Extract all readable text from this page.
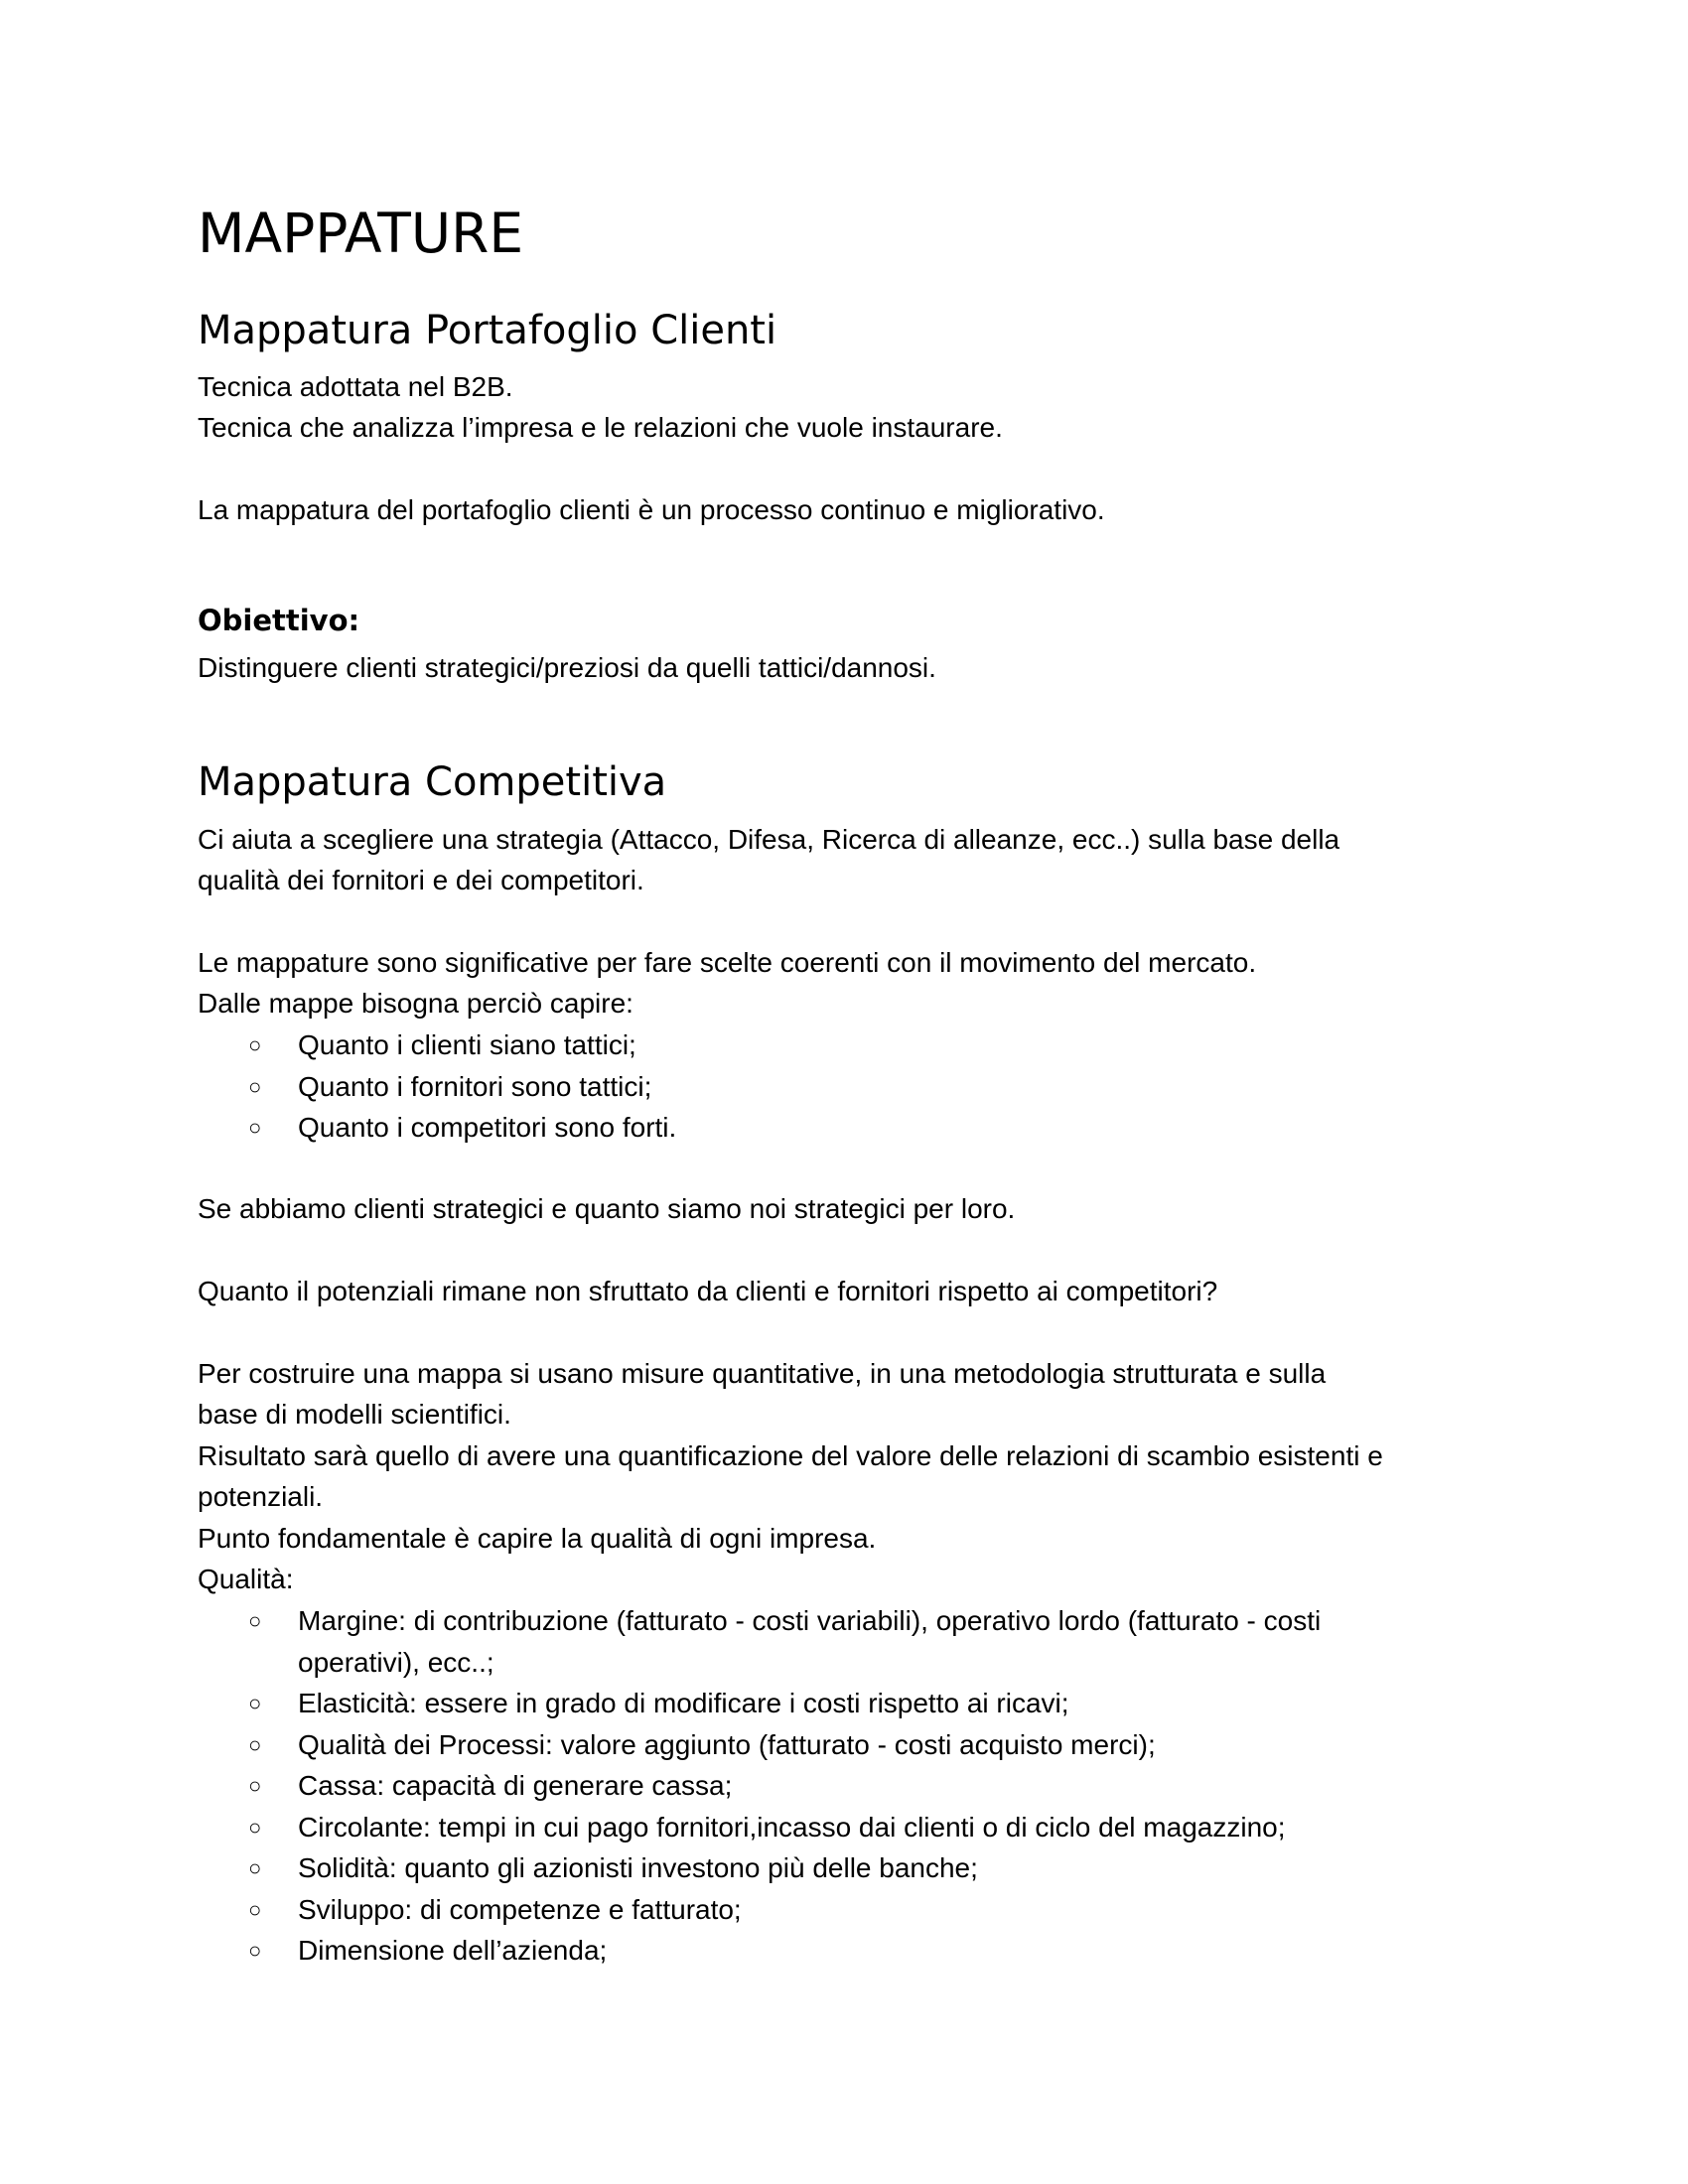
MAPPATURE
Mappatura Portafoglio Clienti

Tecnica adottata nel B2B.

Tecnica che analizza l’impresa e le relazioni che vuole instaurare.

La mappatura del portafoglio clienti è un processo continuo e migliorativo.

Obiettivo:

Distinguere clienti strategici/preziosi da quelli tattici/dannosi.

Mappatura Competitiva

Ci aiuta a scegliere una strategia (Attacco, Difesa, Ricerca di alleanze, ecc..) sulla base della

qualità dei fornitori e dei competitori.

Le mappature sono significative per fare scelte coerenti con il movimento del mercato.

Dalle mappe bisogna perciò capire:

○ Quanto i clienti siano tattici;
○ Quanto i fornitori sono tattici;
○ Quanto i competitori sono forti.

Se abbiamo clienti strategici e quanto siamo noi strategici per loro.

Quanto il potenziali rimane non sfruttato da clienti e fornitori rispetto ai competitori?

Per costruire una mappa si usano misure quantitative, in una metodologia strutturata e sulla

base di modelli scientifici.

Risultato sarà quello di avere una quantificazione del valore delle relazioni di scambio esistenti e

potenziali.

Punto fondamentale è capire la qualità di ogni impresa.

Qualità:

○ Margine: di contribuzione (fatturato - costi variabili), operativo lordo (fatturato - costi
operativi), ecc..;
○ Elasticità: essere in grado di modificare i costi rispetto ai ricavi;
○ Qualità dei Processi: valore aggiunto (fatturato - costi acquisto merci);
○ Cassa: capacità di generare cassa;
○ Circolante: tempi in cui pago fornitori,incasso dai clienti o di ciclo del magazzino;
○ Solidità: quanto gli azionisti investono più delle banche;
○ Sviluppo: di competenze e fatturato;
○ Dimensione dell’azienda;
